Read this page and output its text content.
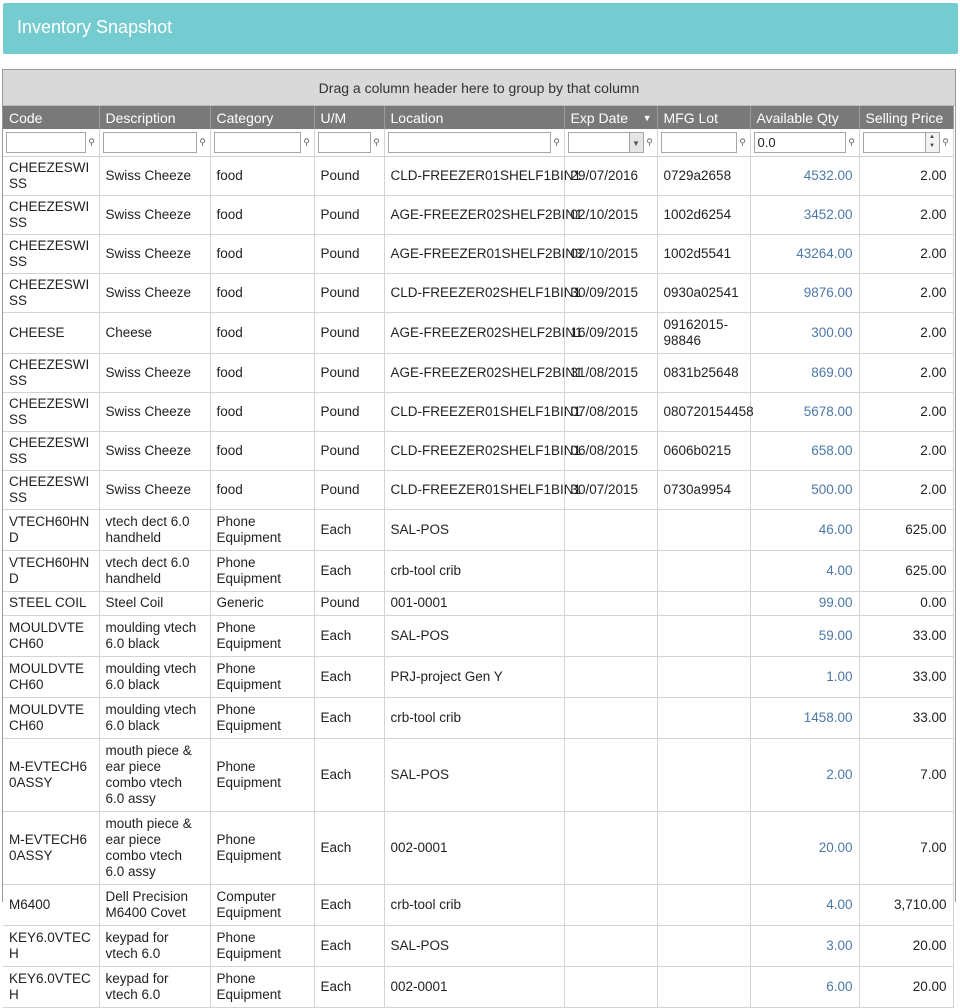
Inventory Snapshot
Drag a column header here to group by that column
Code	Description	Category	U/M	Location	Exp Date ▼	MFG Lot	Available Qty	Selling Price

⚲	⚲	⚲	⚲	⚲	▼ ⚲	⚲

0.0⚲	▲
▼ ⚲

CHEEZESWISS	Swiss Cheeze	food	Pound	CLD-FREEZER01SHELF1BIN1	29/07/2016	0729a2658	4532.00	2.00
CHEEZESWISS	Swiss Cheeze	food	Pound	AGE-FREEZER02SHELF2BIN1	02/10/2015	1002d6254	3452.00	2.00
CHEEZESWISS	Swiss Cheeze	food	Pound	AGE-FREEZER01SHELF2BIN3	02/10/2015	1002d5541	43264.00	2.00
CHEEZESWISS	Swiss Cheeze	food	Pound	CLD-FREEZER02SHELF1BIN1	30/09/2015	0930a02541	9876.00	2.00
CHEESE	Cheese	food	Pound	AGE-FREEZER02SHELF2BIN1	16/09/2015	09162015-98846	300.00	2.00
CHEEZESWISS	Swiss Cheeze	food	Pound	AGE-FREEZER02SHELF2BIN1	31/08/2015	0831b25648	869.00	2.00
CHEEZESWISS	Swiss Cheeze	food	Pound	CLD-FREEZER01SHELF1BIN1	07/08/2015	080720154458	5678.00	2.00
CHEEZESWISS	Swiss Cheeze	food	Pound	CLD-FREEZER02SHELF1BIN1	06/08/2015	0606b0215	658.00	2.00
CHEEZESWISS	Swiss Cheeze	food	Pound	CLD-FREEZER01SHELF1BIN1	30/07/2015	0730a9954	500.00	2.00
VTECH60HND	vtech dect 6.0 handheld	Phone Equipment	Each	SAL-POS			46.00	625.00
VTECH60HND	vtech dect 6.0 handheld	Phone Equipment	Each	crb-tool crib			4.00	625.00
STEEL COIL	Steel Coil	Generic	Pound	001-0001			99.00	0.00
MOULDVTECH60	moulding vtech 6.0 black	Phone Equipment	Each	SAL-POS			59.00	33.00
MOULDVTECH60	moulding vtech 6.0 black	Phone Equipment	Each	PRJ-project Gen Y			1.00	33.00
MOULDVTECH60	moulding vtech 6.0 black	Phone Equipment	Each	crb-tool crib			1458.00	33.00
M-EVTECH60ASSY	mouth piece & ear piece combo vtech 6.0 assy	Phone Equipment	Each	SAL-POS			2.00	7.00
M-EVTECH60ASSY	mouth piece & ear piece combo vtech 6.0 assy	Phone Equipment	Each	002-0001			20.00	7.00
M6400	Dell Precision M6400 Covet	Computer Equipment	Each	crb-tool crib			4.00	3,710.00
KEY6.0VTECH	keypad for vtech 6.0	Phone Equipment	Each	SAL-POS			3.00	20.00
KEY6.0VTECH	keypad for vtech 6.0	Phone Equipment	Each	002-0001			6.00	20.00
